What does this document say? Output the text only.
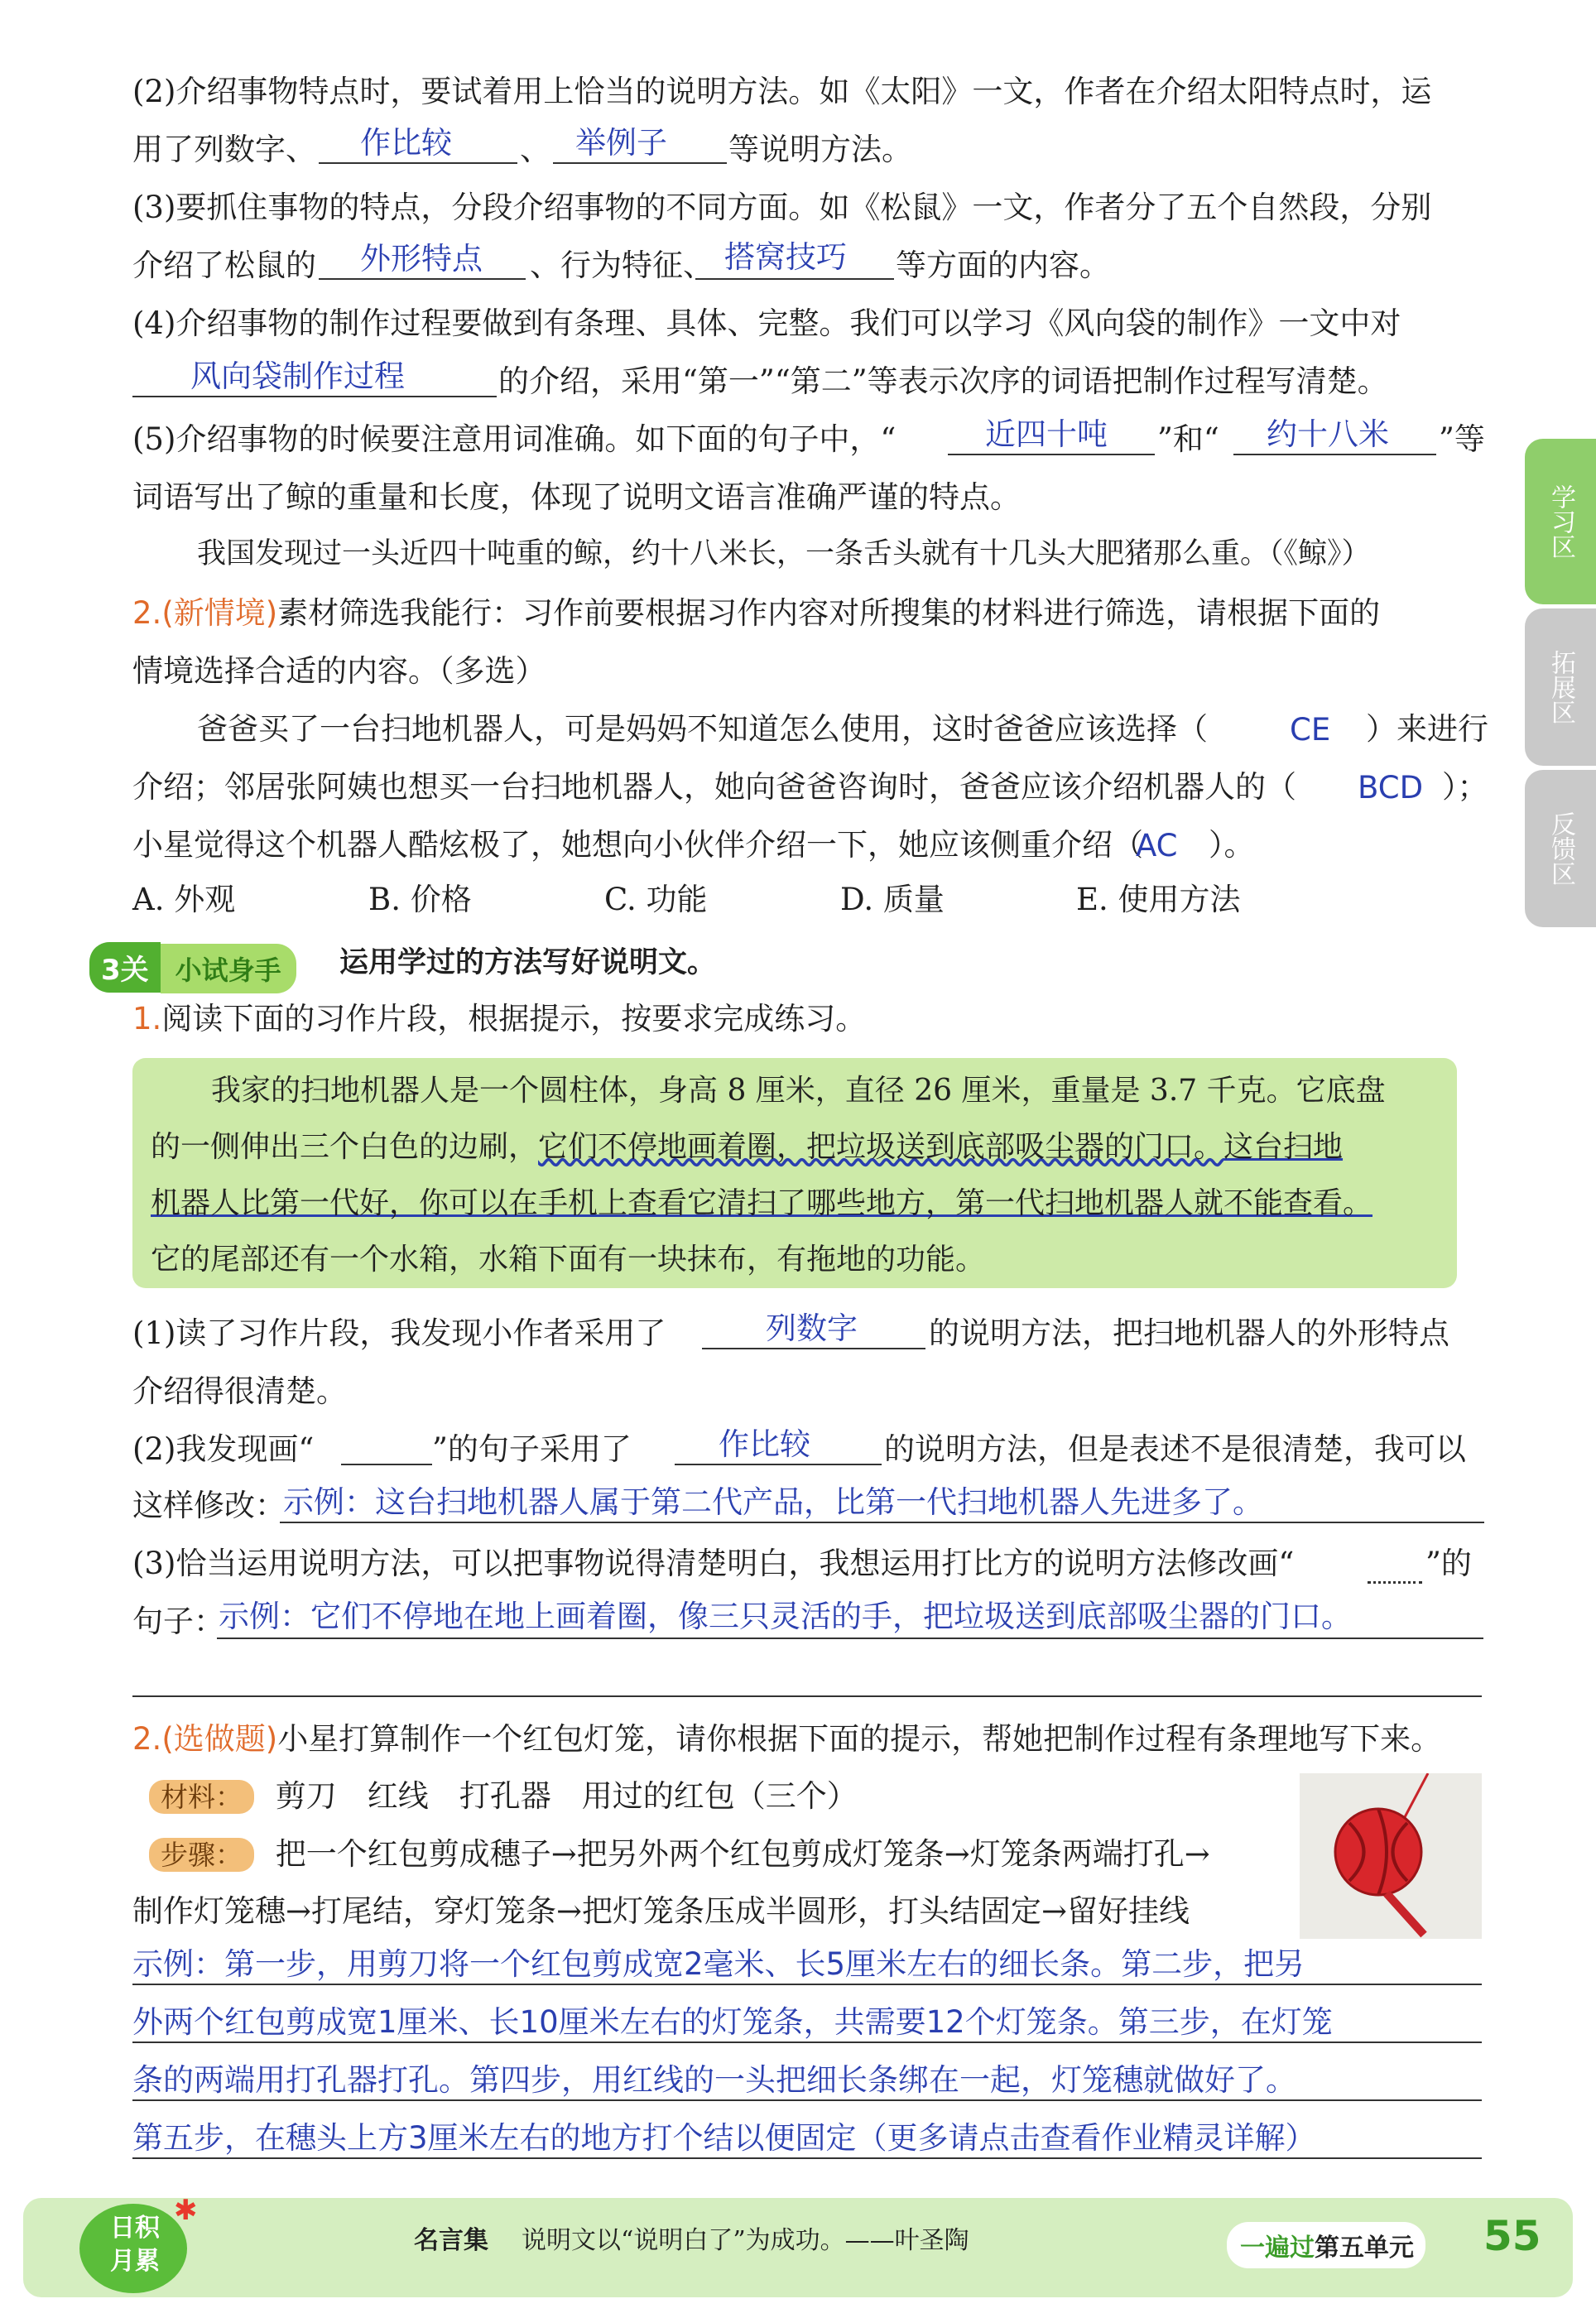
(2)介绍事物特点时，要试着用上恰当的说明方法。如《太阳》一文，作者在介绍太阳特点时，运
用了列数字、 作比较 、 举例子 等说明方法。
(3)要抓住事物的特点，分段介绍事物的不同方面。如《松鼠》一文，作者分了五个自然段，分别
介绍了松鼠的 外形特点 、行为特征、 搭窝技巧 等方面的内容。
(4)介绍事物的制作过程要做到有条理、具体、完整。我们可以学习《风向袋的制作》一文中对
风向袋制作过程	的介绍，采用“第一”“第二”等表示次序的词语把制作过程写清楚。
(5)介绍事物的时候要注意用词准确。如下面的句子中，“	近四十吨 ”和“ 约十八米 ”等
词语写出了鲸的重量和长度，体现了说明文语言准确严谨的特点。
我国发现过一头近四十吨重的鲸，约十八米长，一条舌头就有十几头大肥猪那么重。（《鲸》）
2.(新情境)素材筛选我能行：习作前要根据习作内容对所搜集的材料进行筛选，请根据下面的
情境选择合适的内容。（多选）
爸爸买了一台扫地机器人，可是妈妈不知道怎么使用，这时爸爸应该选择（	CE ）来进行
介绍；邻居张阿姨也想买一台扫地机器人，她向爸爸咨询时，爸爸应该介绍机器人的（ BCD ）；
小星觉得这个机器人酷炫极了，她想向小伙伴介绍一下，她应该侧重介绍（
AC ）。
A. 外观	B. 价格	C. 功能	D. 质量	E. 使用方法
3关 小试身手	运用学过的方法写好说明文。
1.阅读下面的习作片段，根据提示，按要求完成练习。
我家的扫地机器人是一个圆柱体，身高 8 厘米，直径 26 厘米，重量是 3.7 千克。它底盘
的一侧伸出三个白色的边刷，它们不停地画着圈，把垃圾送到底部吸尘器的门口。这台扫地
机器人比第一代好，你可以在手机上查看它清扫了哪些地方，第一代扫地机器人就不能查看。
它的尾部还有一个水箱，水箱下面有一块抹布，有拖地的功能。
(1)读了习作片段，我发现小作者采用了	列数字 的说明方法，把扫地机器人的外形特点
介绍得很清楚。
(2)我发现画“	”的句子采用了	作比较 的说明方法，但是表述不是很清楚，我可以
这样修改：
示例：这台扫地机器人属于第二代产品，比第一代扫地机器人先进多了。
(3)恰当运用说明方法，可以把事物说得清楚明白，我想运用打比方的说明方法修改画“	”的
句子：
示例：它们不停地在地上画着圈，像三只灵活的手，把垃圾送到底部吸尘器的门口。
2.(选做题)小星打算制作一个红包灯笼，请你根据下面的提示，帮她把制作过程有条理地写下来。
材料： 剪刀　红线　打孔器　用过的红包（三个）
步骤： 把一个红包剪成穗子→把另外两个红包剪成灯笼条→灯笼条两端打孔→
制作灯笼穗→打尾结，穿灯笼条→把灯笼条压成半圆形，打头结固定→留好挂线
示例：第一步，用剪刀将一个红包剪成宽2毫米、长5厘米左右的细长条。第二步，把另
外两个红包剪成宽1厘米、长10厘米左右的灯笼条，共需要12个灯笼条。第三步，在灯笼
条的两端用打孔器打孔。第四步，用红线的一头把细长条绑在一起，灯笼穗就做好了。
第五步，在穗头上方3厘米左右的地方打个结以便固定（更多请点击查看作业精灵详解）
学习区
拓展区
反馈区
日积
月累
✱
名言集 说明文以“说明白了”为成功。——叶圣陶	一遍过第五单元 55
